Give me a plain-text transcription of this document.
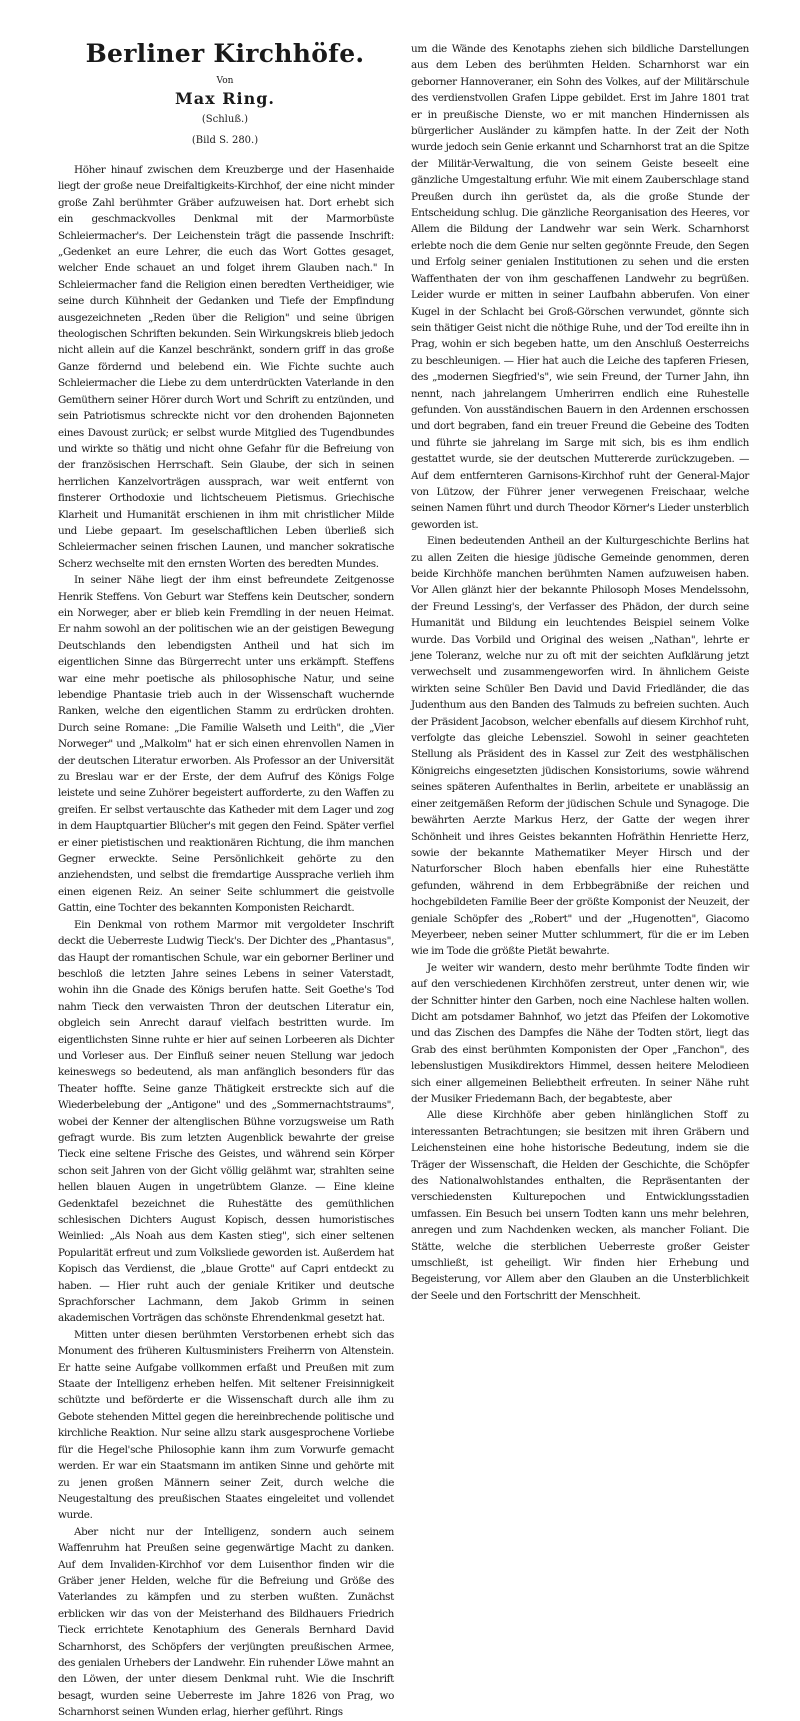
Berliner Kirchhöfe.
Von
Max Ring.
(Schluß.)
(Bild S. 280.)

Höher hinauf zwischen dem Kreuzberge und der Hasenhaide liegt der große neue Dreifaltigkeits-Kirchhof, der eine nicht minder große Zahl berühmter Gräber aufzuweisen hat. Dort erhebt sich ein geschmackvolles Denkmal mit der Marmorbüste Schleiermacher's. Der Leichenstein trägt die passende Inschrift: „Gedenket an eure Lehrer, die euch das Wort Gottes gesaget, welcher Ende schauet an und folget ihrem Glauben nach." In Schleiermacher fand die Religion einen beredten Vertheidiger, wie seine durch Kühnheit der Gedanken und Tiefe der Empfindung ausgezeichneten „Reden über die Religion" und seine übrigen theologischen Schriften bekunden. Sein Wirkungskreis blieb jedoch nicht allein auf die Kanzel beschränkt, sondern griff in das große Ganze fördernd und belebend ein. Wie Fichte suchte auch Schleiermacher die Liebe zu dem unterdrückten Vaterlande in den Gemüthern seiner Hörer durch Wort und Schrift zu entzünden, und sein Patriotismus schreckte nicht vor den drohenden Bajonneten eines Davoust zurück; er selbst wurde Mitglied des Tugendbundes und wirkte so thätig und nicht ohne Gefahr für die Befreiung von der französischen Herrschaft. Sein Glaube, der sich in seinen herrlichen Kanzelvorträgen aussprach, war weit entfernt von finsterer Orthodoxie und lichtscheuem Pietismus. Griechische Klarheit und Humanität erschienen in ihm mit christlicher Milde und Liebe gepaart. Im geselschaftlichen Leben überließ sich Schleiermacher seinen frischen Launen, und mancher sokratische Scherz wechselte mit den ernsten Worten des beredten Mundes.

In seiner Nähe liegt der ihm einst befreundete Zeitgenosse Henrik Steffens. Von Geburt war Steffens kein Deutscher, sondern ein Norweger, aber er blieb kein Fremdling in der neuen Heimat. Er nahm sowohl an der politischen wie an der geistigen Bewegung Deutschlands den lebendigsten Antheil und hat sich im eigentlichen Sinne das Bürgerrecht unter uns erkämpft. Steffens war eine mehr poetische als philosophische Natur, und seine lebendige Phantasie trieb auch in der Wissenschaft wuchernde Ranken, welche den eigentlichen Stamm zu erdrücken drohten. Durch seine Romane: „Die Familie Walseth und Leith", die „Vier Norweger" und „Malkolm" hat er sich einen ehrenvollen Namen in der deutschen Literatur erworben. Als Professor an der Universität zu Breslau war er der Erste, der dem Aufruf des Königs Folge leistete und seine Zuhörer begeistert aufforderte, zu den Waffen zu greifen. Er selbst vertauschte das Katheder mit dem Lager und zog in dem Hauptquartier Blücher's mit gegen den Feind. Später verfiel er einer pietistischen und reaktionären Richtung, die ihm manchen Gegner erweckte. Seine Persönlichkeit gehörte zu den anziehendsten, und selbst die fremdartige Aussprache verlieh ihm einen eigenen Reiz. An seiner Seite schlummert die geistvolle Gattin, eine Tochter des bekannten Komponisten Reichardt.

Ein Denkmal von rothem Marmor mit vergoldeter Inschrift deckt die Ueberreste Ludwig Tieck's. Der Dichter des „Phantasus", das Haupt der romantischen Schule, war ein geborner Berliner und beschloß die letzten Jahre seines Lebens in seiner Vaterstadt, wohin ihn die Gnade des Königs berufen hatte. Seit Goethe's Tod nahm Tieck den verwaisten Thron der deutschen Literatur ein, obgleich sein Anrecht darauf vielfach bestritten wurde. Im eigentlichsten Sinne ruhte er hier auf seinen Lorbeeren als Dichter und Vorleser aus. Der Einfluß seiner neuen Stellung war jedoch keineswegs so bedeutend, als man anfänglich besonders für das Theater hoffte. Seine ganze Thätigkeit erstreckte sich auf die Wiederbelebung der „Antigone" und des „Sommernachtstraums", wobei der Kenner der altenglischen Bühne vorzugsweise um Rath gefragt wurde. Bis zum letzten Augenblick bewahrte der greise Tieck eine seltene Frische des Geistes, und während sein Körper schon seit Jahren von der Gicht völlig gelähmt war, strahlten seine hellen blauen Augen in ungetrübtem Glanze. — Eine kleine Gedenktafel bezeichnet die Ruhestätte des gemüthlichen schlesischen Dichters August Kopisch, dessen humoristisches Weinlied: „Als Noah aus dem Kasten stieg", sich einer seltenen Popularität erfreut und zum Volksliede geworden ist. Außerdem hat Kopisch das Verdienst, die „blaue Grotte" auf Capri entdeckt zu haben. — Hier ruht auch der geniale Kritiker und deutsche Sprachforscher Lachmann, dem Jakob Grimm in seinen akademischen Vorträgen das schönste Ehrendenkmal gesetzt hat.

Mitten unter diesen berühmten Verstorbenen erhebt sich das Monument des früheren Kultusministers Freiherrn von Altenstein. Er hatte seine Aufgabe vollkommen erfaßt und Preußen mit zum Staate der Intelligenz erheben helfen. Mit seltener Freisinnigkeit schützte und beförderte er die Wissenschaft durch alle ihm zu Gebote stehenden Mittel gegen die hereinbrechende politische und kirchliche Reaktion. Nur seine allzu stark ausgesprochene Vorliebe für die Hegel'sche Philosophie kann ihm zum Vorwurfe gemacht werden. Er war ein Staatsmann im antiken Sinne und gehörte mit zu jenen großen Männern seiner Zeit, durch welche die Neugestaltung des preußischen Staates eingeleitet und vollendet wurde.

Aber nicht nur der Intelligenz, sondern auch seinem Waffenruhm hat Preußen seine gegenwärtige Macht zu danken. Auf dem Invaliden-Kirchhof vor dem Luisenthor finden wir die Gräber jener Helden, welche für die Befreiung und Größe des Vaterlandes zu kämpfen und zu sterben wußten. Zunächst erblicken wir das von der Meisterhand des Bildhauers Friedrich Tieck errichtete Kenotaphium des Generals Bernhard David Scharnhorst, des Schöpfers der verjüngten preußischen Armee, des genialen Urhebers der Landwehr. Ein ruhender Löwe mahnt an den Löwen, der unter diesem Denkmal ruht. Wie die Inschrift besagt, wurden seine Ueberreste im Jahre 1826 von Prag, wo Scharnhorst seinen Wunden erlag, hierher geführt. Rings

um die Wände des Kenotaphs ziehen sich bildliche Darstellungen aus dem Leben des berühmten Helden. Scharnhorst war ein geborner Hannoveraner, ein Sohn des Volkes, auf der Militärschule des verdienstvollen Grafen Lippe gebildet. Erst im Jahre 1801 trat er in preußische Dienste, wo er mit manchen Hindernissen als bürgerlicher Ausländer zu kämpfen hatte. In der Zeit der Noth wurde jedoch sein Genie erkannt und Scharnhorst trat an die Spitze der Militär-Verwaltung, die von seinem Geiste beseelt eine gänzliche Umgestaltung erfuhr. Wie mit einem Zauberschlage stand Preußen durch ihn gerüstet da, als die große Stunde der Entscheidung schlug. Die gänzliche Reorganisation des Heeres, vor Allem die Bildung der Landwehr war sein Werk. Scharnhorst erlebte noch die dem Genie nur selten gegönnte Freude, den Segen und Erfolg seiner genialen Institutionen zu sehen und die ersten Waffenthaten der von ihm geschaffenen Landwehr zu begrüßen. Leider wurde er mitten in seiner Laufbahn abberufen. Von einer Kugel in der Schlacht bei Groß-Görschen verwundet, gönnte sich sein thätiger Geist nicht die nöthige Ruhe, und der Tod ereilte ihn in Prag, wohin er sich begeben hatte, um den Anschluß Oesterreichs zu beschleunigen. — Hier hat auch die Leiche des tapferen Friesen, des „modernen Siegfried's", wie sein Freund, der Turner Jahn, ihn nennt, nach jahrelangem Umherirren endlich eine Ruhestelle gefunden. Von ausständischen Bauern in den Ardennen erschossen und dort begraben, fand ein treuer Freund die Gebeine des Todten und führte sie jahrelang im Sarge mit sich, bis es ihm endlich gestattet wurde, sie der deutschen Muttererde zurückzugeben. — Auf dem entfernteren Garnisons-Kirchhof ruht der General-Major von Lützow, der Führer jener verwegenen Freischaar, welche seinen Namen führt und durch Theodor Körner's Lieder unsterblich geworden ist.

Einen bedeutenden Antheil an der Kulturgeschichte Berlins hat zu allen Zeiten die hiesige jüdische Gemeinde genommen, deren beide Kirchhöfe manchen berühmten Namen aufzuweisen haben. Vor Allen glänzt hier der bekannte Philosoph Moses Mendelssohn, der Freund Lessing's, der Verfasser des Phädon, der durch seine Humanität und Bildung ein leuchtendes Beispiel seinem Volke wurde. Das Vorbild und Original des weisen „Nathan", lehrte er jene Toleranz, welche nur zu oft mit der seichten Aufklärung jetzt verwechselt und zusammengeworfen wird. In ähnlichem Geiste wirkten seine Schüler Ben David und David Friedländer, die das Judenthum aus den Banden des Talmuds zu befreien suchten. Auch der Präsident Jacobson, welcher ebenfalls auf diesem Kirchhof ruht, verfolgte das gleiche Lebensziel. Sowohl in seiner geachteten Stellung als Präsident des in Kassel zur Zeit des westphälischen Königreichs eingesetzten jüdischen Konsistoriums, sowie während seines späteren Aufenthaltes in Berlin, arbeitete er unablässig an einer zeitgemäßen Reform der jüdischen Schule und Synagoge. Die bewährten Aerzte Markus Herz, der Gatte der wegen ihrer Schönheit und ihres Geistes bekannten Hofräthin Henriette Herz, sowie der bekannte Mathematiker Meyer Hirsch und der Naturforscher Bloch haben ebenfalls hier eine Ruhestätte gefunden, während in dem Erbbegräbniße der reichen und hochgebildeten Familie Beer der größte Komponist der Neuzeit, der geniale Schöpfer des „Robert" und der „Hugenotten", Giacomo Meyerbeer, neben seiner Mutter schlummert, für die er im Leben wie im Tode die größte Pietät bewahrte.

Je weiter wir wandern, desto mehr berühmte Todte finden wir auf den verschiedenen Kirchhöfen zerstreut, unter denen wir, wie der Schnitter hinter den Garben, noch eine Nachlese halten wollen. Dicht am potsdamer Bahnhof, wo jetzt das Pfeifen der Lokomotive und das Zischen des Dampfes die Nähe der Todten stört, liegt das Grab des einst berühmten Komponisten der Oper „Fanchon", des lebenslustigen Musikdirektors Himmel, dessen heitere Melodieen sich einer allgemeinen Beliebtheit erfreuten. In seiner Nähe ruht der Musiker Friedemann Bach, der begabteste, aber

Alle diese Kirchhöfe aber geben hinlänglichen Stoff zu interessanten Betrachtungen; sie besitzen mit ihren Gräbern und Leichensteinen eine hohe historische Bedeutung, indem sie die Träger der Wissenschaft, die Helden der Geschichte, die Schöpfer des Nationalwohlstandes enthalten, die Repräsentanten der verschiedensten Kulturepochen und Entwicklungsstadien umfassen. Ein Besuch bei unsern Todten kann uns mehr belehren, anregen und zum Nachdenken wecken, als mancher Foliant. Die Stätte, welche die sterblichen Ueberreste großer Geister umschließt, ist geheiligt. Wir finden hier Erhebung und Begeisterung, vor Allem aber den Glauben an die Unsterblichkeit der Seele und den Fortschritt der Menschheit.
